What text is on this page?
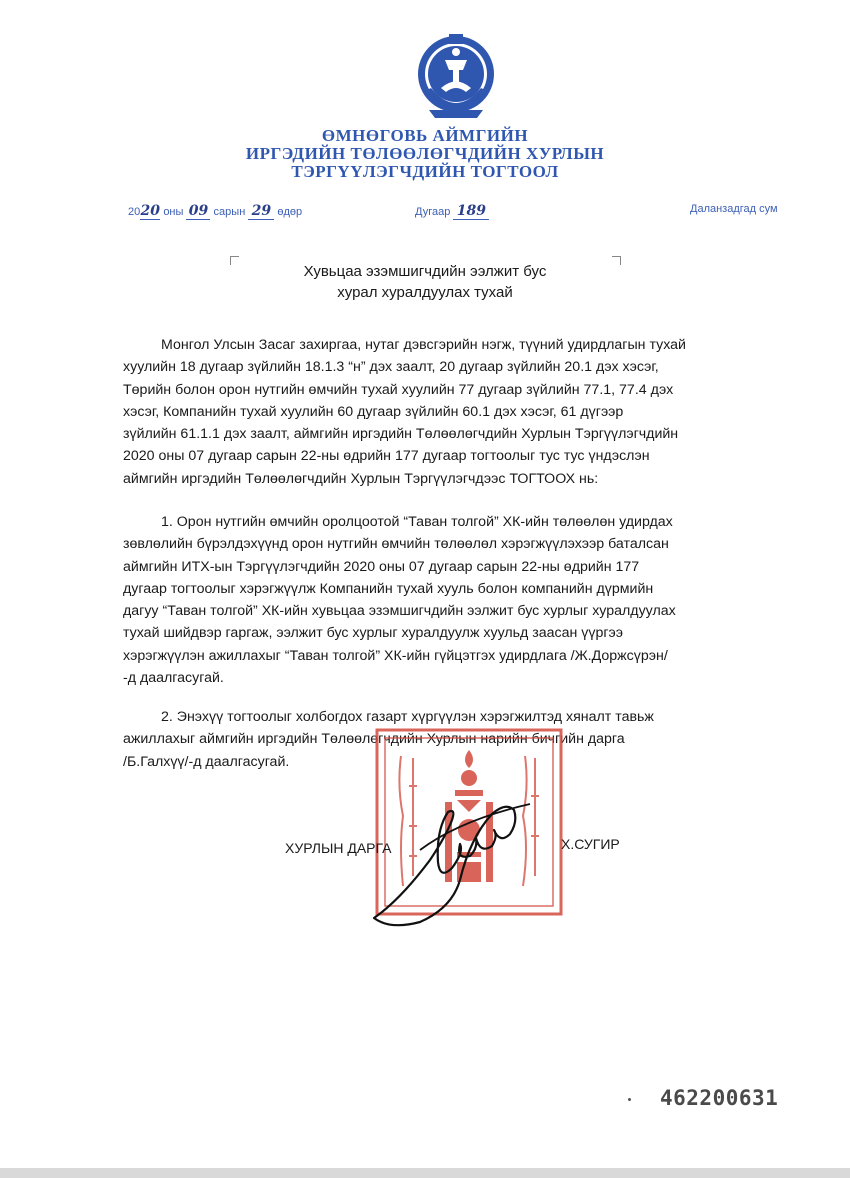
ӨМНӨГОВЬ АЙМГИЙН
ИРГЭДИЙН ТӨЛӨӨЛӨГЧДИЙН ХУРЛЫН
ТЭРГҮҮЛЭГЧДИЙН ТОГТООЛ
2020 оны 09 сарын 29 өдөр	Дугаар 189	Даланзадгад сум
Хувьцаа эзэмшигчдийн ээлжит бус
хурал хуралдуулах тухай
Монгол Улсын Засаг захиргаа, нутаг дэвсгэрийн нэгж, түүний удирдлагын тухай
хуулийн 18 дугаар зүйлийн 18.1.3 “н” дэх заалт, 20 дугаар зүйлийн 20.1 дэх хэсэг,
Төрийн болон орон нутгийн өмчийн тухай хуулийн 77 дугаар зүйлийн 77.1, 77.4 дэх
хэсэг, Компанийн тухай хуулийн 60 дугаар зүйлийн 60.1 дэх хэсэг, 61 дүгээр
зүйлийн 61.1.1 дэх заалт, аймгийн иргэдийн Төлөөлөгчдийн Хурлын Тэргүүлэгчдийн
2020 оны 07 дугаар сарын 22-ны өдрийн 177 дугаар тогтоолыг тус тус үндэслэн
аймгийн иргэдийн Төлөөлөгчдийн Хурлын Тэргүүлэгчдээс ТОГТООХ нь:
1. Орон нутгийн өмчийн оролцоотой “Таван толгой” ХК-ийн төлөөлөн удирдах
зөвлөлийн бүрэлдэхүүнд орон нутгийн өмчийн төлөөлөл хэрэгжүүлэхээр баталсан
аймгийн ИТХ-ын Тэргүүлэгчдийн 2020 оны 07 дугаар сарын 22-ны өдрийн 177
дугаар тогтоолыг хэрэгжүүлж Компанийн тухай хууль болон компанийн дүрмийн
дагуу “Таван толгой” ХК-ийн хувьцаа эзэмшигчдийн ээлжит бус хурлыг хуралдуулах
тухай шийдвэр гаргаж, ээлжит бус хурлыг хуралдуулж хуульд заасан үүргээ
хэрэгжүүлэн ажиллахыг “Таван толгой” ХК-ийн гүйцэтгэх удирдлага /Ж.Доржсүрэн/
-д даалгасугай.
2. Энэхүү тогтоолыг холбогдох газарт хүргүүлэн хэрэгжилтэд хяналт тавьж
ажиллахыг аймгийн иргэдийн Төлөөлөгчдийн Хурлын нарийн бичгийн дарга
/Б.Галхүү/-д даалгасугай.
ХУРЛЫН ДАРГА	Х.СУГИР
462200631
